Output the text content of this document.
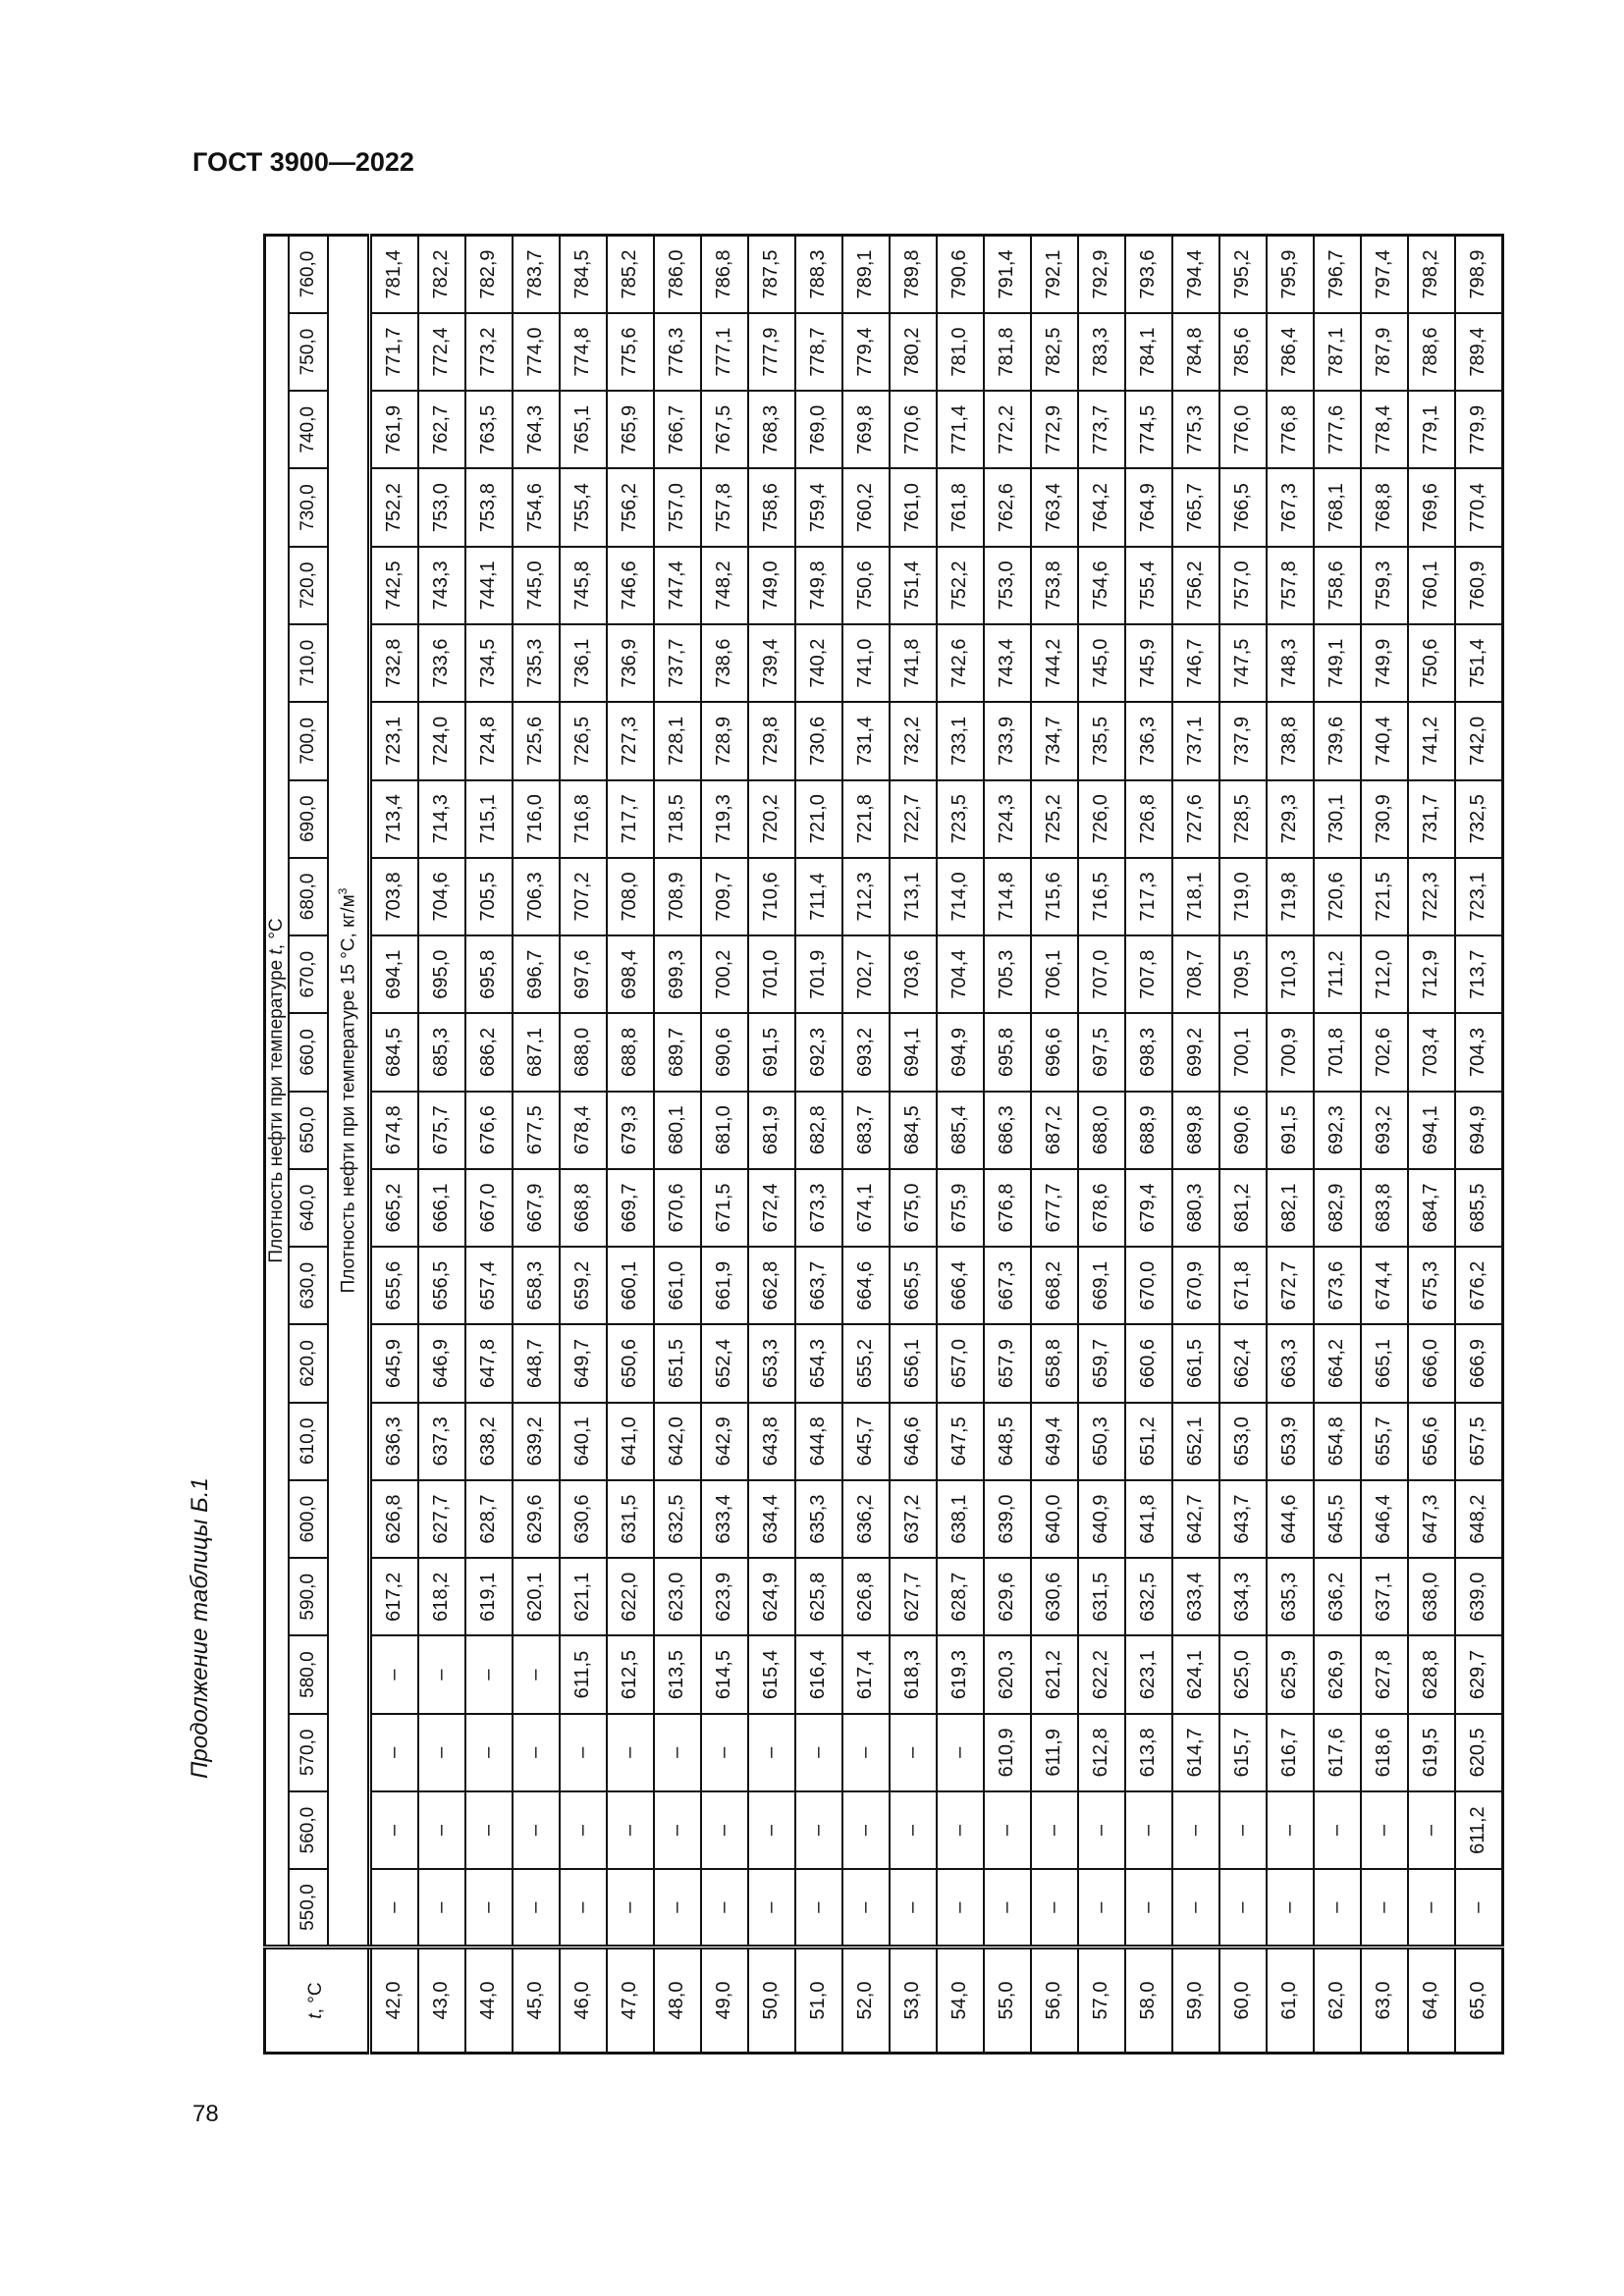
ГОСТ 3900—2022
Продолжение таблицы Б.1
78
t, °C	Плотность нефти при температуре t, °C																					
	550,0	560,0	570,0	580,0	590,0	600,0	610,0	620,0	630,0	640,0	650,0	660,0	670,0	680,0	690,0	700,0	710,0	720,0	730,0	740,0	750,0	760,0
	Плотность нефти при температуре 15 °C, $кг/м^3$
42,0	–	–	–	–	617,2	626,8	636,3	645,9	655,6	665,2	674,8	684,5	694,1	703,8	713,4	723,1	732,8	742,5	752,2	761,9	771,7	781,4
43,0	–	–	–	–	618,2	627,7	637,3	646,9	656,5	666,1	675,7	685,3	695,0	704,6	714,3	724,0	733,6	743,3	753,0	762,7	772,4	782,2
44,0	–	–	–	–	619,1	628,7	638,2	647,8	657,4	667,0	676,6	686,2	695,8	705,5	715,1	724,8	734,5	744,1	753,8	763,5	773,2	782,9
45,0	–	–	–	–	620,1	629,6	639,2	648,7	658,3	667,9	677,5	687,1	696,7	706,3	716,0	725,6	735,3	745,0	754,6	764,3	774,0	783,7
46,0	–	–	–	611,5	621,1	630,6	640,1	649,7	659,2	668,8	678,4	688,0	697,6	707,2	716,8	726,5	736,1	745,8	755,4	765,1	774,8	784,5
47,0	–	–	–	612,5	622,0	631,5	641,0	650,6	660,1	669,7	679,3	688,8	698,4	708,0	717,7	727,3	736,9	746,6	756,2	765,9	775,6	785,2
48,0	–	–	–	613,5	623,0	632,5	642,0	651,5	661,0	670,6	680,1	689,7	699,3	708,9	718,5	728,1	737,7	747,4	757,0	766,7	776,3	786,0
49,0	–	–	–	614,5	623,9	633,4	642,9	652,4	661,9	671,5	681,0	690,6	700,2	709,7	719,3	728,9	738,6	748,2	757,8	767,5	777,1	786,8
50,0	–	–	–	615,4	624,9	634,4	643,8	653,3	662,8	672,4	681,9	691,5	701,0	710,6	720,2	729,8	739,4	749,0	758,6	768,3	777,9	787,5
51,0	–	–	–	616,4	625,8	635,3	644,8	654,3	663,7	673,3	682,8	692,3	701,9	711,4	721,0	730,6	740,2	749,8	759,4	769,0	778,7	788,3
52,0	–	–	–	617,4	626,8	636,2	645,7	655,2	664,6	674,1	683,7	693,2	702,7	712,3	721,8	731,4	741,0	750,6	760,2	769,8	779,4	789,1
53,0	–	–	–	618,3	627,7	637,2	646,6	656,1	665,5	675,0	684,5	694,1	703,6	713,1	722,7	732,2	741,8	751,4	761,0	770,6	780,2	789,8
54,0	–	–	–	619,3	628,7	638,1	647,5	657,0	666,4	675,9	685,4	694,9	704,4	714,0	723,5	733,1	742,6	752,2	761,8	771,4	781,0	790,6
55,0	–	–	610,9	620,3	629,6	639,0	648,5	657,9	667,3	676,8	686,3	695,8	705,3	714,8	724,3	733,9	743,4	753,0	762,6	772,2	781,8	791,4
56,0	–	–	611,9	621,2	630,6	640,0	649,4	658,8	668,2	677,7	687,2	696,6	706,1	715,6	725,2	734,7	744,2	753,8	763,4	772,9	782,5	792,1
57,0	–	–	612,8	622,2	631,5	640,9	650,3	659,7	669,1	678,6	688,0	697,5	707,0	716,5	726,0	735,5	745,0	754,6	764,2	773,7	783,3	792,9
58,0	–	–	613,8	623,1	632,5	641,8	651,2	660,6	670,0	679,4	688,9	698,3	707,8	717,3	726,8	736,3	745,9	755,4	764,9	774,5	784,1	793,6
59,0	–	–	614,7	624,1	633,4	642,7	652,1	661,5	670,9	680,3	689,8	699,2	708,7	718,1	727,6	737,1	746,7	756,2	765,7	775,3	784,8	794,4
60,0	–	–	615,7	625,0	634,3	643,7	653,0	662,4	671,8	681,2	690,6	700,1	709,5	719,0	728,5	737,9	747,5	757,0	766,5	776,0	785,6	795,2
61,0	–	–	616,7	625,9	635,3	644,6	653,9	663,3	672,7	682,1	691,5	700,9	710,3	719,8	729,3	738,8	748,3	757,8	767,3	776,8	786,4	795,9
62,0	–	–	617,6	626,9	636,2	645,5	654,8	664,2	673,6	682,9	692,3	701,8	711,2	720,6	730,1	739,6	749,1	758,6	768,1	777,6	787,1	796,7
63,0	–	–	618,6	627,8	637,1	646,4	655,7	665,1	674,4	683,8	693,2	702,6	712,0	721,5	730,9	740,4	749,9	759,3	768,8	778,4	787,9	797,4
64,0	–	–	619,5	628,8	638,0	647,3	656,6	666,0	675,3	684,7	694,1	703,4	712,9	722,3	731,7	741,2	750,6	760,1	769,6	779,1	788,6	798,2
65,0	–	611,2	620,5	629,7	639,0	648,2	657,5	666,9	676,2	685,5	694,9	704,3	713,7	723,1	732,5	742,0	751,4	760,9	770,4	779,9	789,4	798,9
